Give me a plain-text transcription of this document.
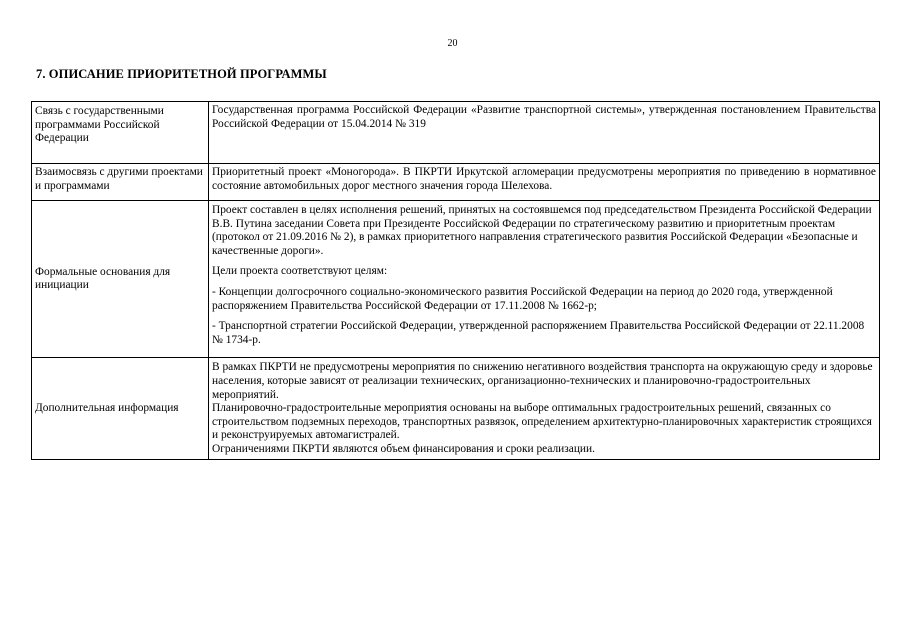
20
7. ОПИСАНИЕ ПРИОРИТЕТНОЙ ПРОГРАММЫ
Связь с государственными программами Российской Федерации	Государственная программа Российской Федерации «Развитие транспортной системы», утвержденная постановлением Правительства Российской Федерации от 15.04.2014 № 319
Взаимосвязь с другими проектами и программами	Приоритетный проект «Моногорода». В ПКРТИ Иркутской агломерации предусмотрены мероприятия по приведению в нормативное состояние автомобильных дорог местного значения города Шелехова.
Формальные основания для инициации	Проект составлен в целях исполнения решений, принятых на состоявшемся под председательством Президента Российской Федерации В.В. Путина заседании Совета при Президенте Российской Федерации по стратегическому развитию и приоритетным проектам (протокол от 21.09.2016 № 2), в рамках приоритетного направления стратегического развития Российской Федерации «Безопасные и качественные дороги».

Цели проекта соответствуют целям:

- Концепции долгосрочного социально-экономического развития Российской Федерации на период до 2020 года, утвержденной распоряжением Правительства Российской Федерации от 17.11.2008 № 1662-р;

- Транспортной стратегии Российской Федерации, утвержденной распоряжением Правительства Российской Федерации от 22.11.2008 № 1734-р.

Дополнительная информация	В рамках ПКРТИ не предусмотрены мероприятия по снижению негативного воздействия транспорта на окружающую среду и здоровье населения, которые зависят от реализации технических, организационно-технических и планировочно-градостроительных мероприятий.

Планировочно-градостроительные мероприятия основаны на выборе оптимальных градостроительных решений, связанных со строительством подземных переходов, транспортных развязок, определением архитектурно-планировочных характеристик строящихся и реконструируемых автомагистралей.

Ограничениями ПКРТИ являются объем финансирования и сроки реализации.
